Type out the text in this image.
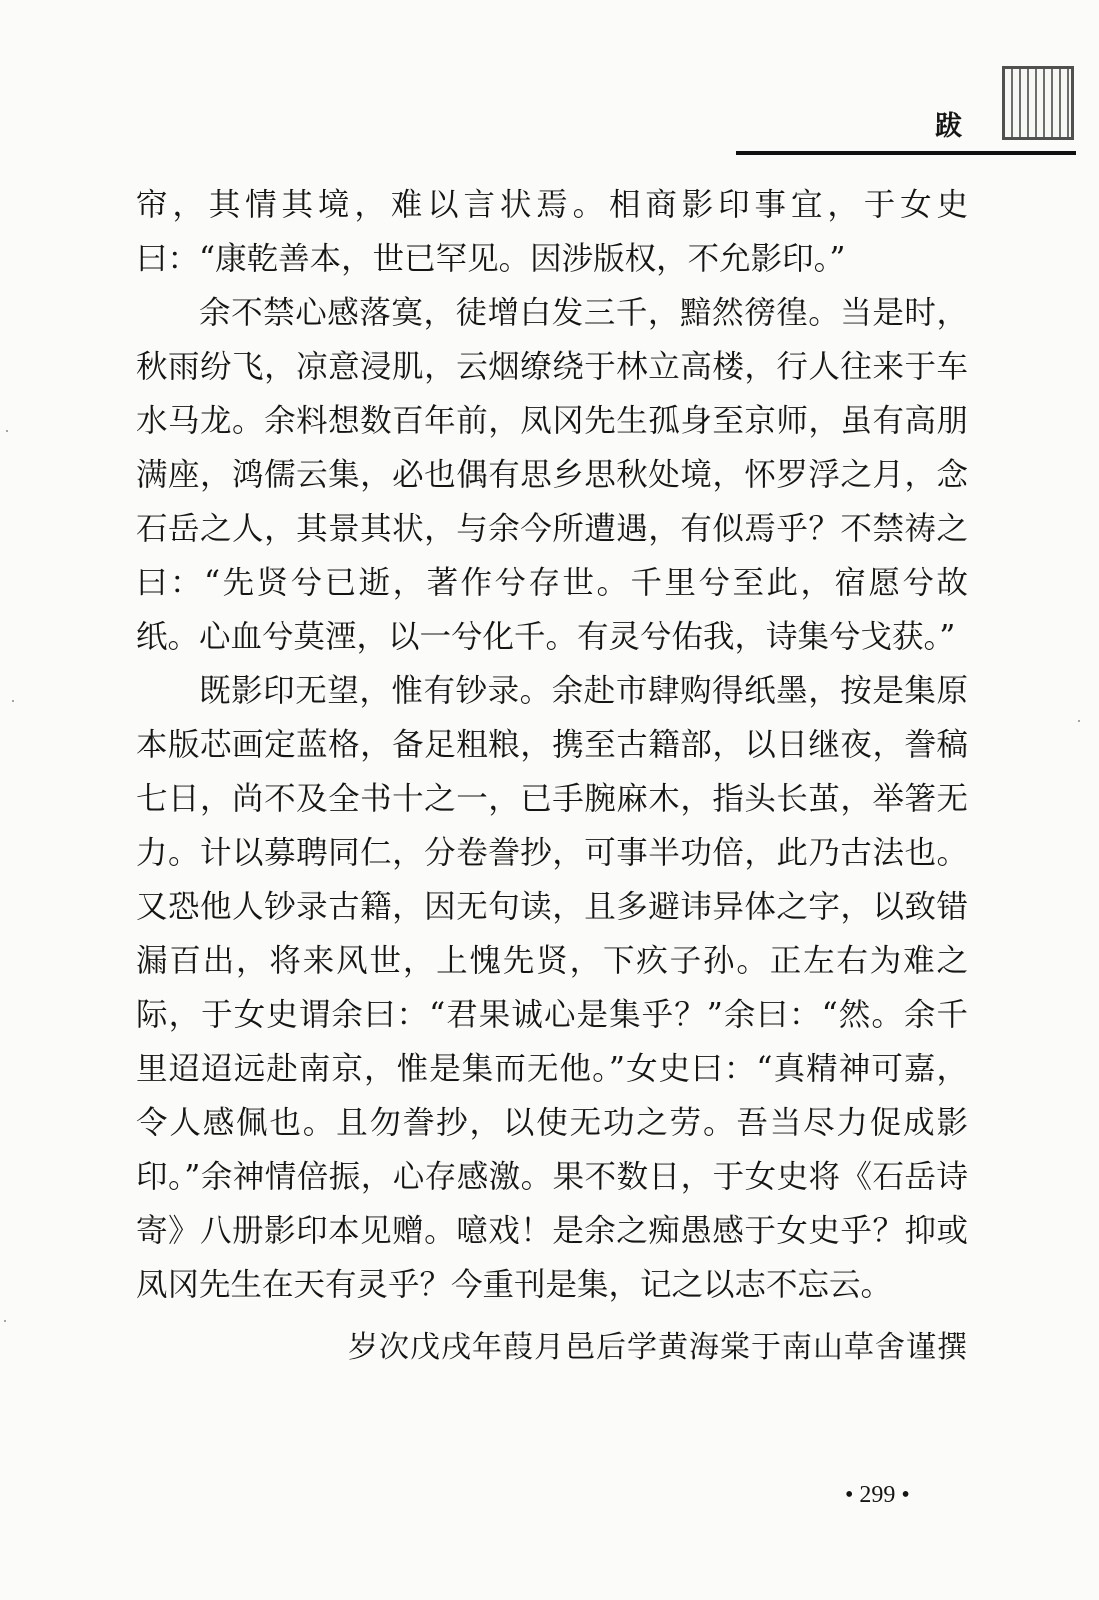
跋

帘，其情其境，难以言状焉。相商影印事宜，于女史曰：“康乾善本，世已罕见。因涉版权，不允影印。”

余不禁心感落寞，徒增白发三千，黯然徬徨。当是时，秋雨纷飞，凉意浸肌，云烟缭绕于林立高楼，行人往来于车水马龙。余料想数百年前，凤冈先生孤身至京师，虽有高朋满座，鸿儒云集，必也偶有思乡思秋处境，怀罗浮之月，念石岳之人，其景其状，与余今所遭遇，有似焉乎？不禁祷之曰：“先贤兮已逝，著作兮存世。千里兮至此，宿愿兮故纸。心血兮莫湮，以一兮化千。有灵兮佑我，诗集兮戈获。”

既影印无望，惟有钞录。余赴市肆购得纸墨，按是集原本版芯画定蓝格，备足粗粮，携至古籍部，以日继夜，誊稿七日，尚不及全书十之一，已手腕麻木，指头长茧，举箸无力。计以募聘同仁，分卷誊抄，可事半功倍，此乃古法也。又恐他人钞录古籍，因无句读，且多避讳异体之字，以致错漏百出，将来风世，上愧先贤，下疚子孙。正左右为难之际，于女史谓余曰：“君果诚心是集乎？”余曰：“然。余千里迢迢远赴南京，惟是集而无他。”女史曰：“真精神可嘉，令人感佩也。且勿誊抄，以使无功之劳。吾当尽力促成影印。”余神情倍振，心存感激。果不数日，于女史将《石岳诗寄》八册影印本见赠。噫戏！是余之痴愚感于女史乎？抑或凤冈先生在天有灵乎？今重刊是集，记之以志不忘云。

岁次戊戌年葭月邑后学黄海棠于南山草舍谨撰
• 299 •
